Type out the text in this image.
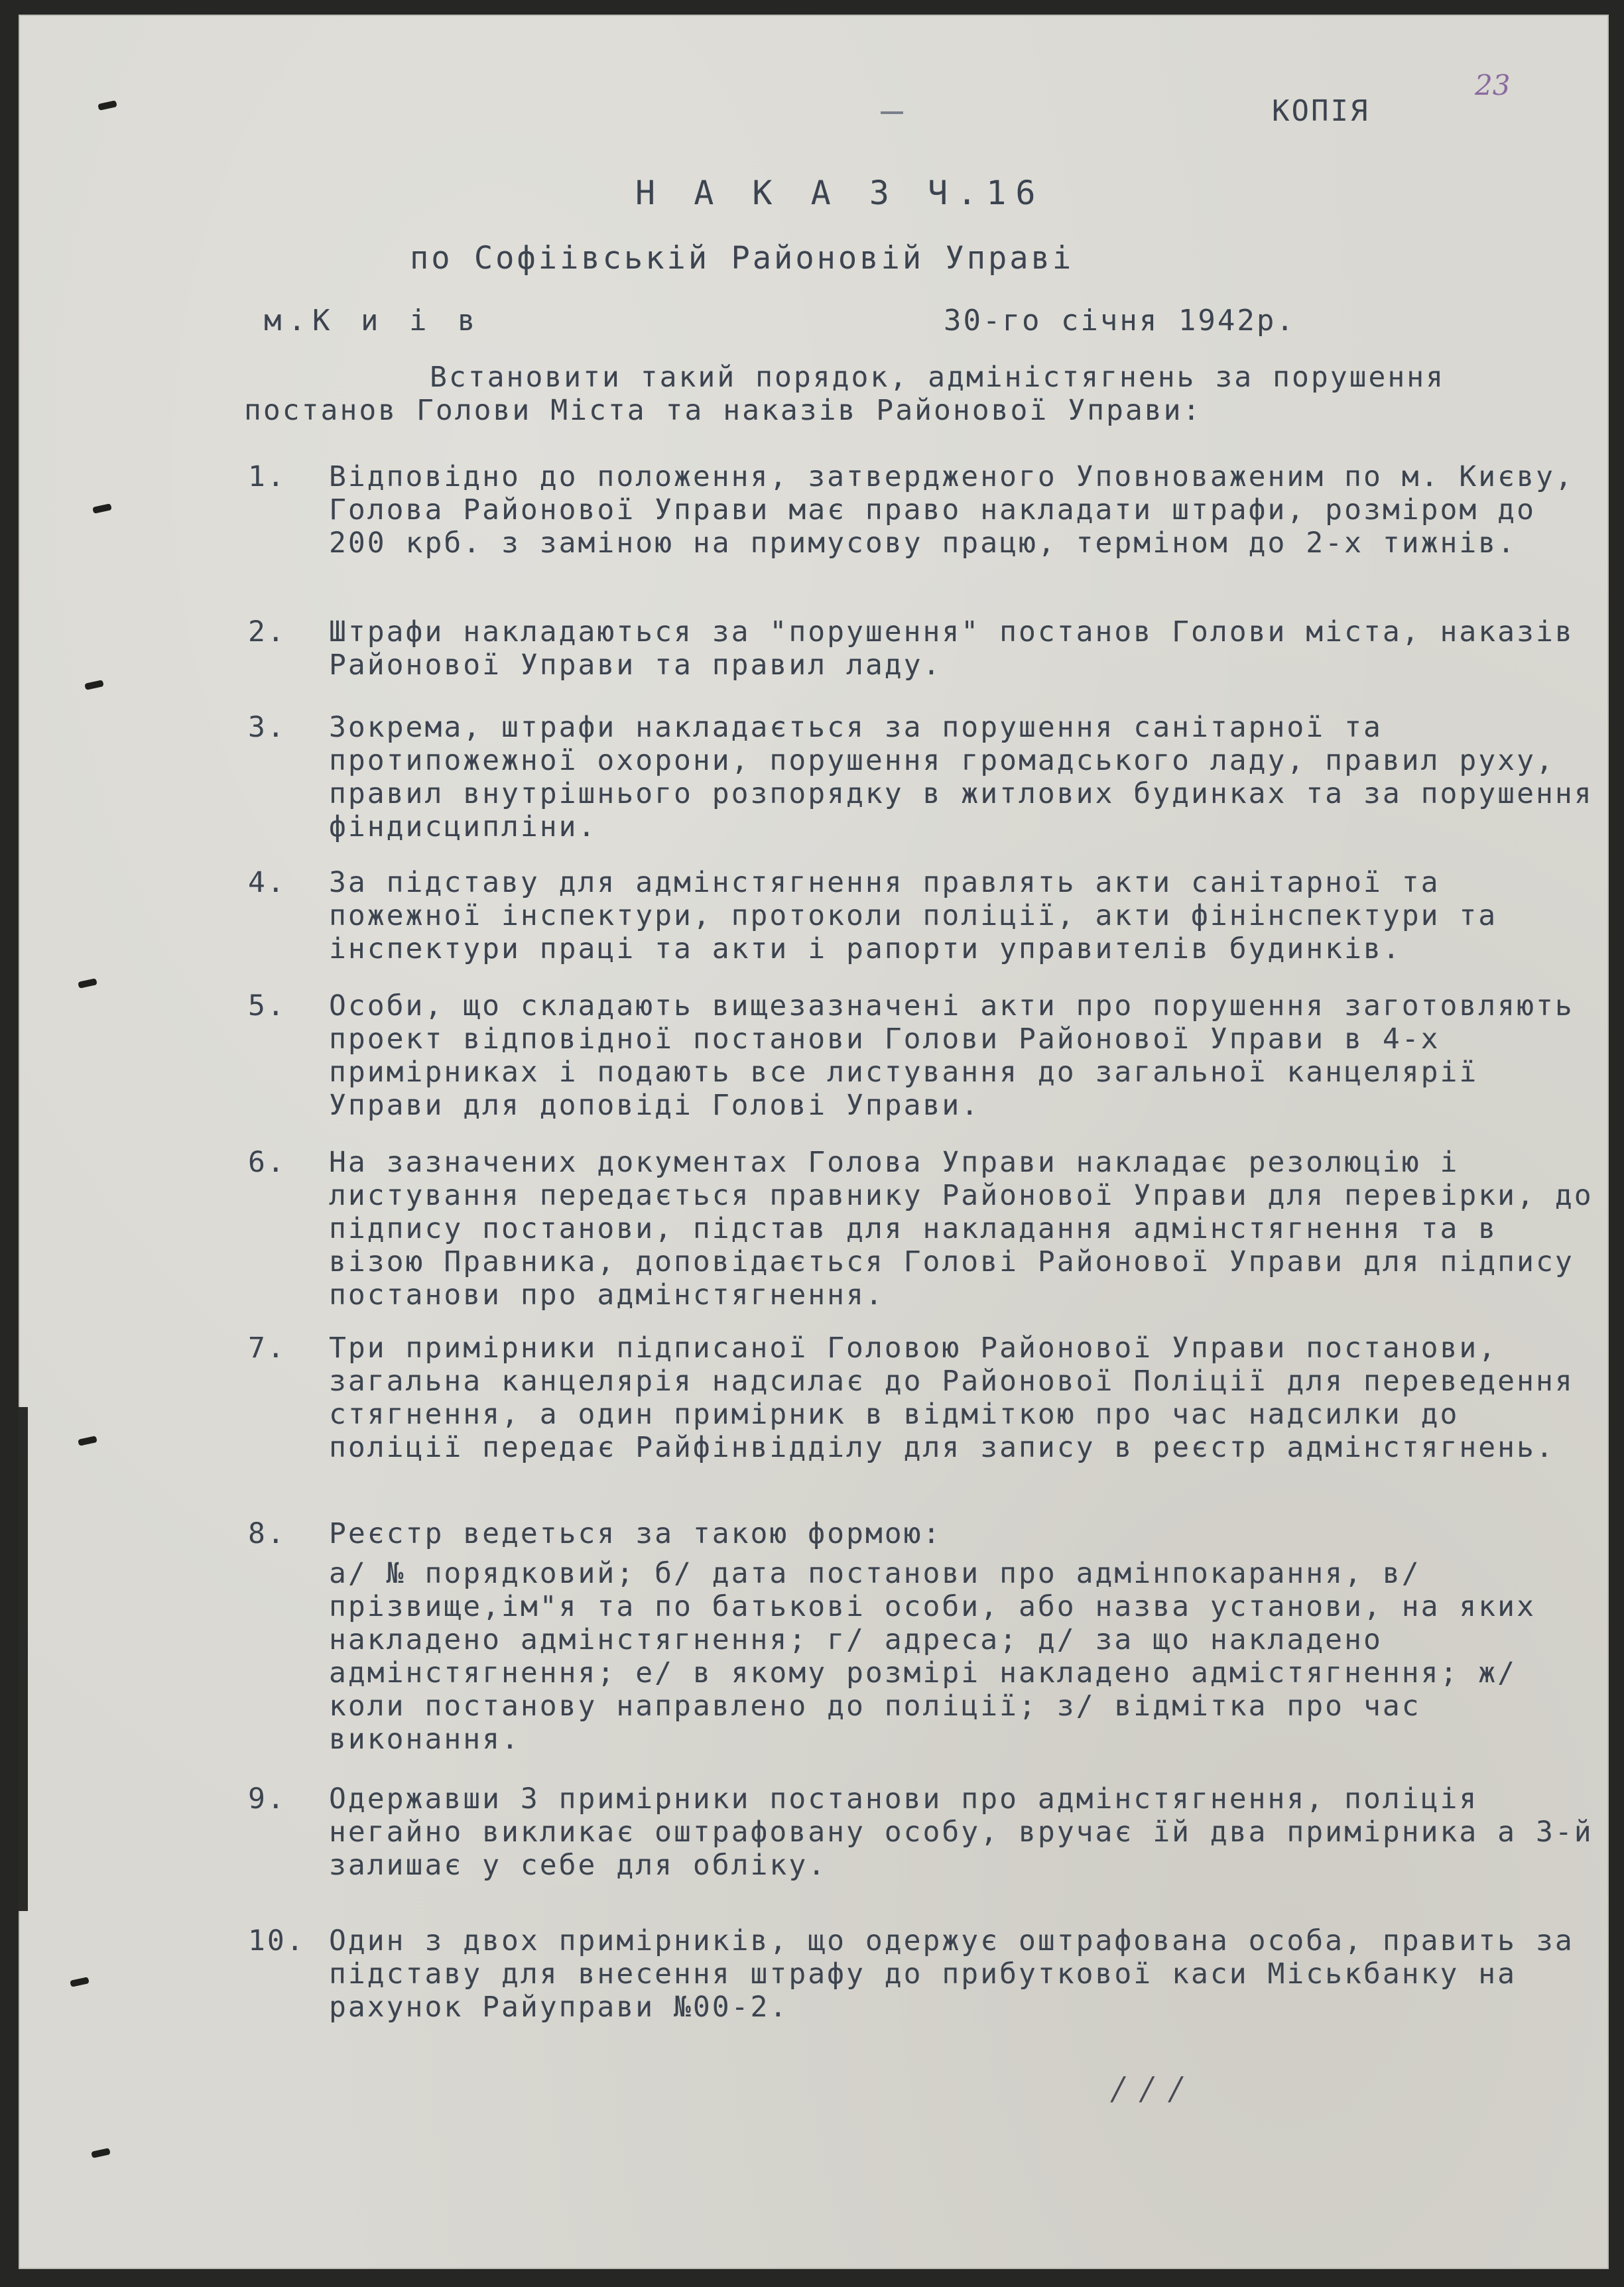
КОПІЯ
23
Н А К А З Ч.16
по Софіівській Районовій Управі
м.К и і в	30-го січня 1942р.

Встановити такий порядок, адміністягнень за порушення постанов Голови Міста та наказів Районової Управи:

1.	Відповідно до положення, затвердженого Уповноваженим по м. Києву, Голова Районової Управи має право накладати штрафи, розміром до 200 крб. з заміною на примусову працю, терміном до 2-х тижнів.
2.	Штрафи накладаються за "порушення" постанов Голови міста, наказів Районової Управи та правил ладу.
3.	Зокрема, штрафи накладається за порушення санітарної та протипожежної охорони, порушення громадського ладу, правил руху, правил внутрішнього розпорядку в житлових будинках та за порушення фіндисципліни.
4.	За підставу для адмінстягнення правлять акти санітарної та пожежної інспектури, протоколи поліції, акти фінінспектури та інспектури праці та акти і рапорти управителів будинків.
5.	Особи, що складають вищезазначені акти про порушення заготовляють проект відповідної постанови Голови Районової Управи в 4-х примірниках і подають все листування до загальної канцелярії Управи для доповіді Голові Управи.
6.	На зазначених документах Голова Управи накладає резолюцію і листування передається правнику Районової Управи для перевірки, до підпису постанови, підстав для накладання адмінстягнення та в візою Правника, доповідається Голові Районової Управи для підпису постанови про адмінстягнення.
7.	Три примірники підписаної Головою Районової Управи постанови, загальна канцелярія надсилає до Районової Поліції для переведення стягнення, а один примірник в відміткою про час надсилки до поліції передає Райфінвідділу для запису в реєстр адмінстягнень.
8.	Реєстр ведеться за такою формою:
а/ № порядковий; б/ дата постанови про адмінпокарання, в/ прізвище,ім"я та по батькові особи, або назва установи, на яких накладено адмінстягнення; г/ адреса; д/ за що накладено адмінстягнення; е/ в якому розмірі накладено адмістягнення; ж/ коли постанову направлено до поліції; з/ відмітка про час виконання.
9.	Одержавши 3 примірники постанови про адмінстягнення, поліція негайно викликає оштрафовану особу, вручає їй два примірника а 3-й залишає у себе для обліку.
10. Один з двох примірників, що одержує оштрафована особа, править за підставу для внесення штрафу до прибуткової каси Міськбанку на рахунок Райуправи №00-2.
/ / /
